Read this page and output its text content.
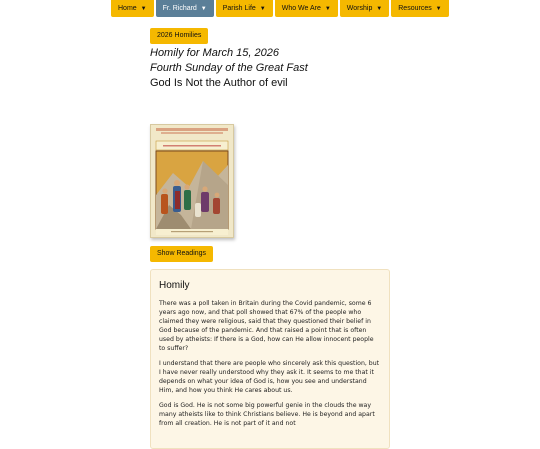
Home ▼	Fr. Richard ▼	Parish Life ▼	Who We Are ▼	Worship ▼	Resources ▼
2026 Homilies
Homily for March 15, 2026
Fourth Sunday of the Great Fast
God Is Not the Author of evil
Show Readings
Homily

There was a poll taken in Britain during the Covid pandemic, some 6 years ago now, and that poll showed that 67% of the people who claimed they were religious, said that they questioned their belief in God because of the pandemic. And that raised a point that is often used by atheists: If there is a God, how can He allow innocent people to suffer?

I understand that there are people who sincerely ask this question, but I have never really understood why they ask it. It seems to me that it depends on what your idea of God is, how you see and understand Him, and how you think He cares about us.

God is God. He is not some big powerful genie in the clouds the way many atheists like to think Christians believe. He is beyond and apart from all creation. He is not part of it and not
